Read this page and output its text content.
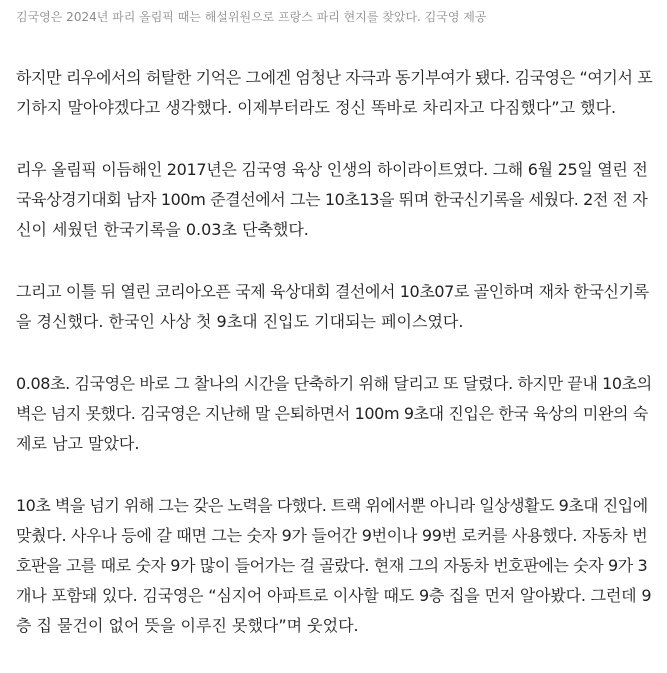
김국영은 2024년 파리 올림픽 때는 해설위원으로 프랑스 파리 현지를 찾았다. 김국영 제공

하지만 리우에서의 허탈한 기억은 그에겐 엄청난 자극과 동기부여가 됐다. 김국영은 “여기서 포
기하지 말아야겠다고 생각했다. 이제부터라도 정신 똑바로 차리자고 다짐했다”고 했다.

리우 올림픽 이듬해인 2017년은 김국영 육상 인생의 하이라이트였다. 그해 6월 25일 열린 전
국육상경기대회 남자 100m 준결선에서 그는 10초13을 뛰며 한국신기록을 세웠다. 2전 전 자
신이 세웠던 한국기록을 0.03초 단축했다.

그리고 이틀 뒤 열린 코리아오픈 국제 육상대회 결선에서 10초07로 골인하며 재차 한국신기록
을 경신했다. 한국인 사상 첫 9초대 진입도 기대되는 페이스였다.

0.08초. 김국영은 바로 그 찰나의 시간을 단축하기 위해 달리고 또 달렸다. 하지만 끝내 10초의
벽은 넘지 못했다. 김국영은 지난해 말 은퇴하면서 100m 9초대 진입은 한국 육상의 미완의 숙
제로 남고 말았다.

10초 벽을 넘기 위해 그는 갖은 노력을 다했다. 트랙 위에서뿐 아니라 일상생활도 9초대 진입에
맞췄다. 사우나 등에 갈 때면 그는 숫자 9가 들어간 9번이나 99번 로커를 사용했다. 자동차 번
호판을 고를 때로 숫자 9가 많이 들어가는 걸 골랐다. 현재 그의 자동차 번호판에는 숫자 9가 3
개나 포함돼 있다. 김국영은 “심지어 아파트로 이사할 때도 9층 집을 먼저 알아봤다. 그런데 9
층 집 물건이 없어 뜻을 이루진 못했다”며 웃었다.
